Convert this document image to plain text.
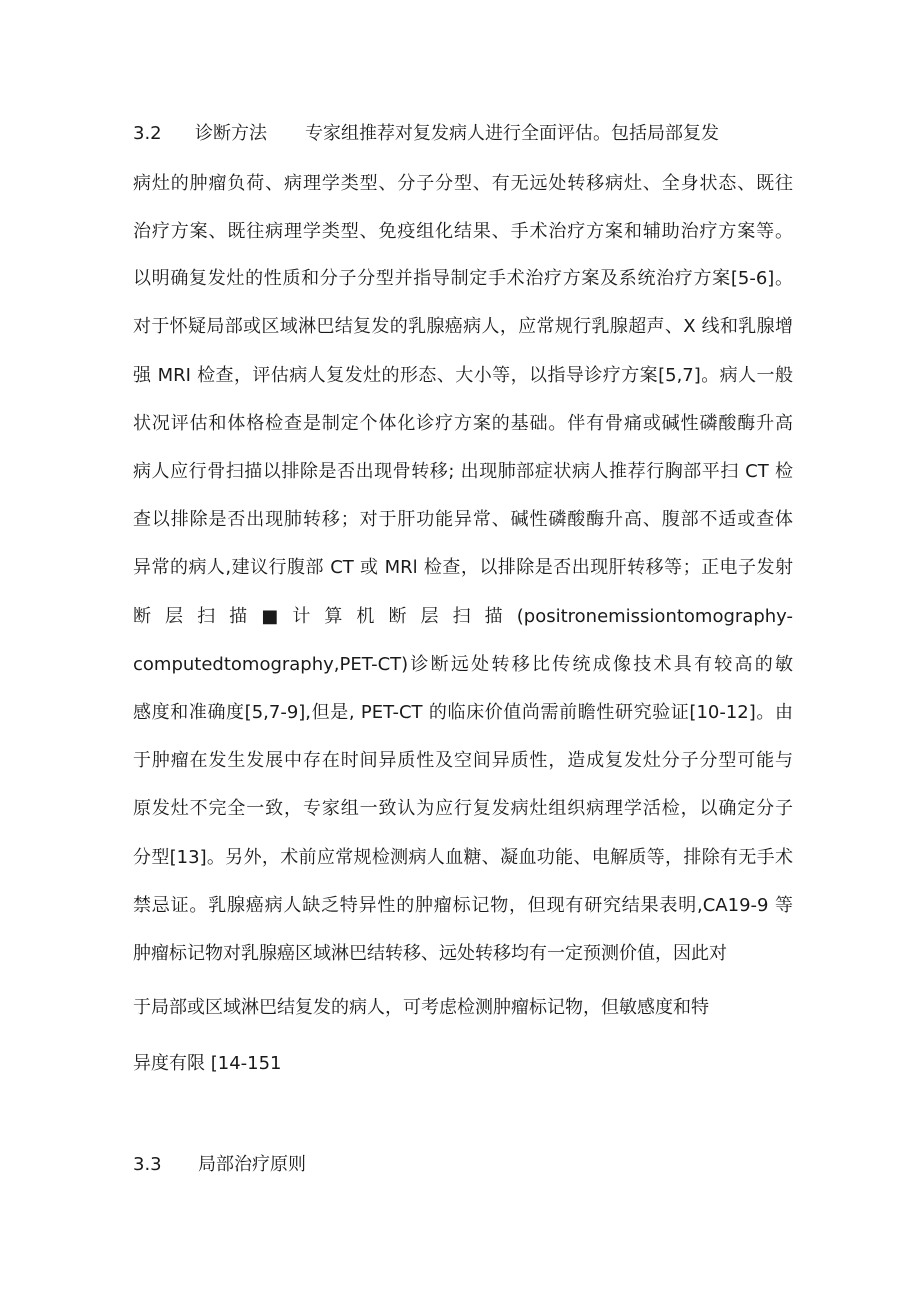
3.2 诊断方法 专家组推荐对复发病人进行全面评估。包括局部复发
病灶的肿瘤负荷、病理学类型、分子分型、有无远处转移病灶、全身状态、既往
治疗方案、既往病理学类型、免疫组化结果、手术治疗方案和辅助治疗方案等。
以明确复发灶的性质和分子分型并指导制定手术治疗方案及系统治疗方案[5-6]。
对于怀疑局部或区域淋巴结复发的乳腺癌病人，应常规行乳腺超声、X 线和乳腺增
强 MRI 检查，评估病人复发灶的形态、大小等，以指导诊疗方案[5,7]。病人一般
状况评估和体格检查是制定个体化诊疗方案的基础。伴有骨痛或碱性磷酸酶升高
病人应行骨扫描以排除是否出现骨转移; 出现肺部症状病人推荐行胸部平扫 CT 检
查以排除是否出现肺转移；对于肝功能异常、碱性磷酸酶升高、腹部不适或查体
异常的病人,建议行腹部 CT 或 MRl 检查，以排除是否出现肝转移等；正电子发射
断 层 扫 描 ■ 计 算 机 断 层 扫 描 (positronemissiontomography-
computedtomography,PET-CT)诊断远处转移比传统成像技术具有较高的敏
感度和准确度[5,7-9],但是, PET-CT 的临床价值尚需前瞻性研究验证[10-12]。由
于肿瘤在发生发展中存在时间异质性及空间异质性，造成复发灶分子分型可能与
原发灶不完全一致，专家组一致认为应行复发病灶组织病理学活检，以确定分子
分型[13]。另外，术前应常规检测病人血糖、凝血功能、电解质等，排除有无手术
禁忌证。乳腺癌病人缺乏特异性的肿瘤标记物，但现有研究结果表明,CA19-9 等
肿瘤标记物对乳腺癌区域淋巴结转移、远处转移均有一定预测价值，因此对
于局部或区域淋巴结复发的病人，可考虑检测肿瘤标记物，但敏感度和特
异度有限 [14-151
3.3 局部治疗原则
